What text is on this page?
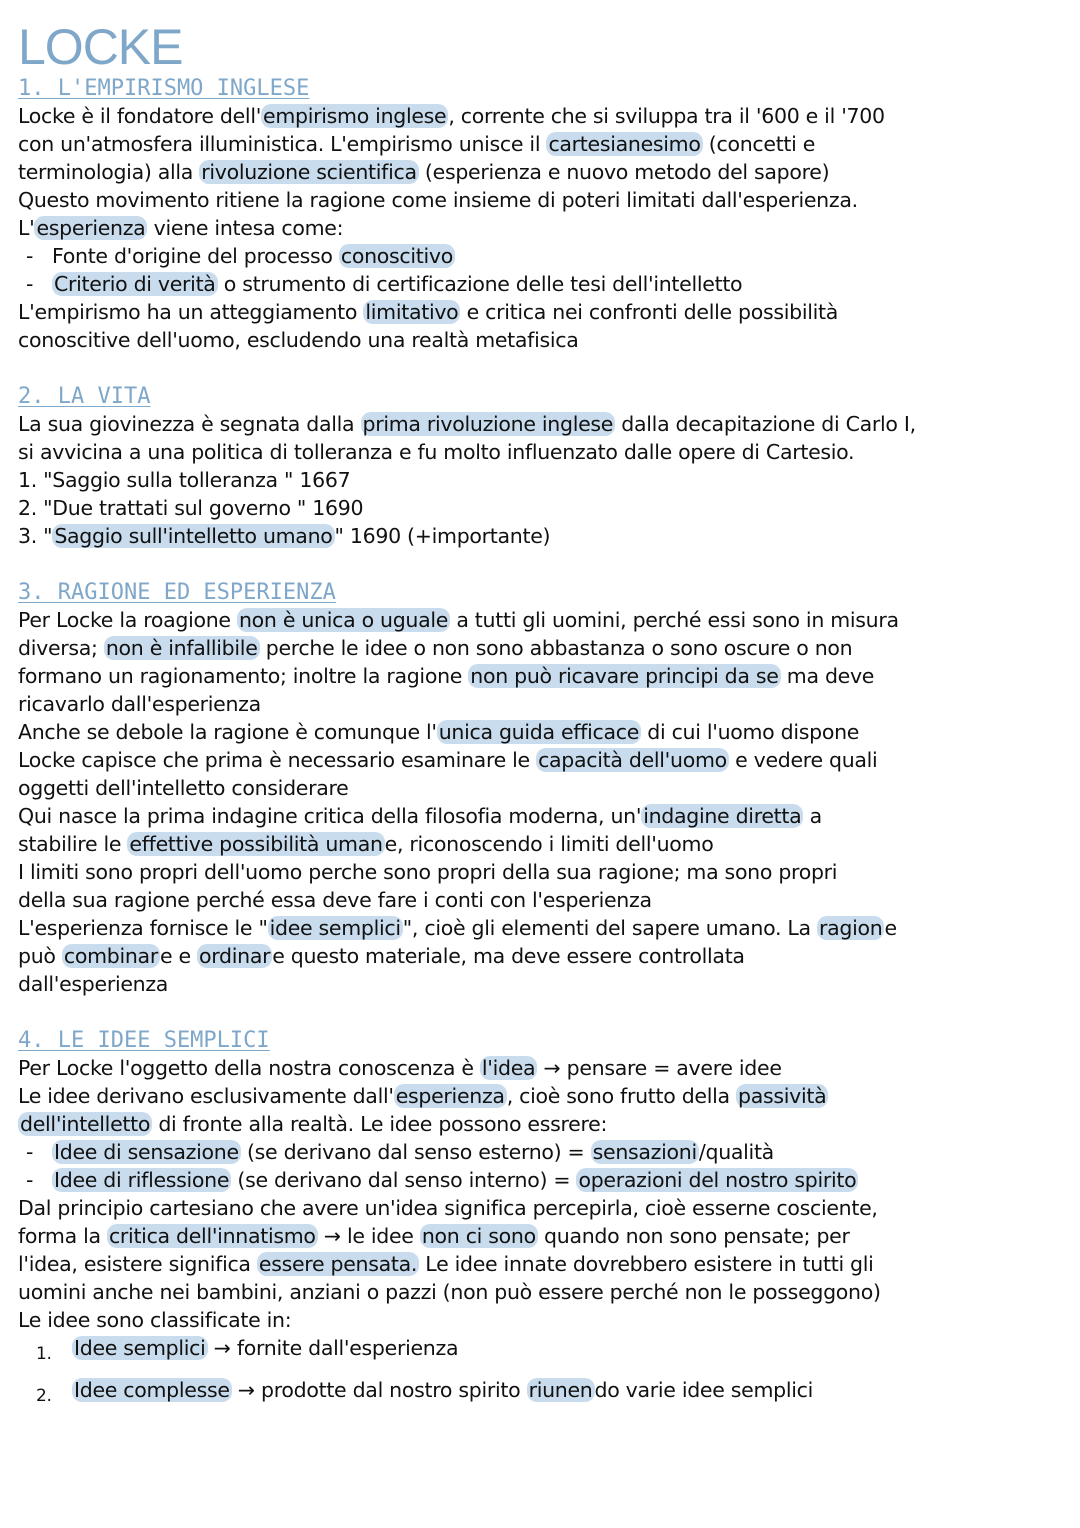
LOCKE
1. L'EMPIRISMO INGLESE
Locke è il fondatore dell'empirismo inglese, corrente che si sviluppa tra il '600 e il '700
con un'atmosfera illuministica. L'empirismo unisce il cartesianesimo (concetti e
terminologia) alla rivoluzione scientifica (esperienza e nuovo metodo del sapore)
Questo movimento ritiene la ragione come insieme di poteri limitati dall'esperienza.
L'esperienza viene intesa come:
- Fonte d'origine del processo conoscitivo
- Criterio di verità o strumento di certificazione delle tesi dell'intelletto
L'empirismo ha un atteggiamento limitativo e critica nei confronti delle possibilità
conoscitive dell'uomo, escludendo una realtà metafisica
2. LA VITA
La sua giovinezza è segnata dalla prima rivoluzione inglese dalla decapitazione di Carlo I,
si avvicina a una politica di tolleranza e fu molto influenzato dalle opere di Cartesio.
1. "Saggio sulla tolleranza " 1667
2. "Due trattati sul governo " 1690
3. "Saggio sull'intelletto umano" 1690 (+importante)
3. RAGIONE ED ESPERIENZA
Per Locke la roagione non è unica o uguale a tutti gli uomini, perché essi sono in misura
diversa; non è infallibile perche le idee o non sono abbastanza o sono oscure o non
formano un ragionamento; inoltre la ragione non può ricavare principi da se ma deve
ricavarlo dall'esperienza
Anche se debole la ragione è comunque l'unica guida efficace di cui l'uomo dispone
Locke capisce che prima è necessario esaminare le capacità dell'uomo e vedere quali
oggetti dell'intelletto considerare
Qui nasce la prima indagine critica della filosofia moderna, un'indagine diretta a
stabilire le effettive possibilità umane, riconoscendo i limiti dell'uomo
I limiti sono propri dell'uomo perche sono propri della sua ragione; ma sono propri
della sua ragione perché essa deve fare i conti con l'esperienza
L'esperienza fornisce le "idee semplici", cioè gli elementi del sapere umano. La ragione
può combinare e ordinare questo materiale, ma deve essere controllata
dall'esperienza
4. LE IDEE SEMPLICI
Per Locke l'oggetto della nostra conoscenza è l'idea → pensare = avere idee
Le idee derivano esclusivamente dall'esperienza, cioè sono frutto della passività
dell'intelletto di fronte alla realtà. Le idee possono essrere:
- Idee di sensazione (se derivano dal senso esterno) = sensazioni/qualità
- Idee di riflessione (se derivano dal senso interno) = operazioni del nostro spirito
Dal principio cartesiano che avere un'idea significa percepirla, cioè esserne cosciente,
forma la critica dell'innatismo → le idee non ci sono quando non sono pensate; per
l'idea, esistere significa essere pensata. Le idee innate dovrebbero esistere in tutti gli
uomini anche nei bambini, anziani o pazzi (non può essere perché non le posseggono)
Le idee sono classificate in:
1. Idee semplici → fornite dall'esperienza
2. Idee complesse → prodotte dal nostro spirito riunendo varie idee semplici
